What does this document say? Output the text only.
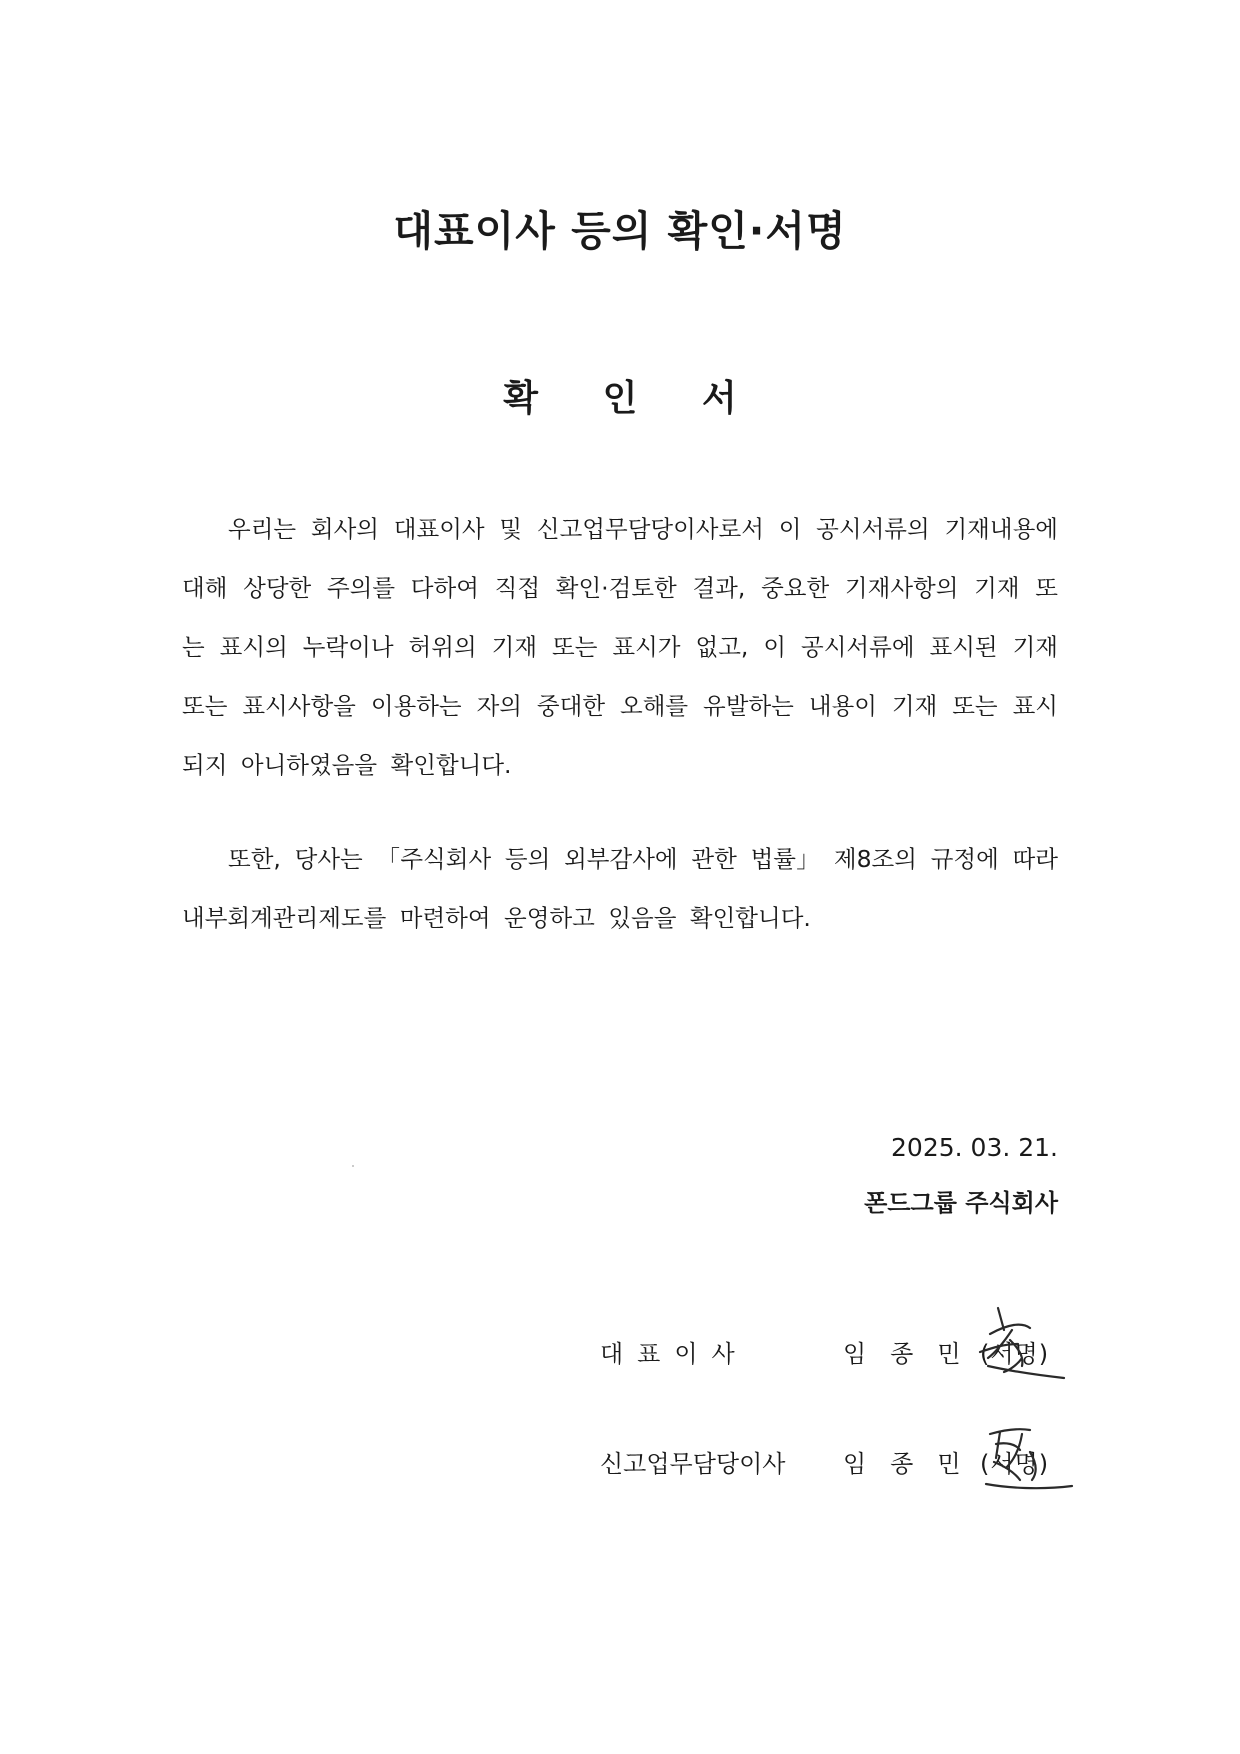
대표이사 등의 확인·서명
확 인 서
우리는 회사의 대표이사 및 신고업무담당이사로서 이 공시서류의 기재내용에 대해 상당한 주의를 다하여 직접 확인·검토한 결과, 중요한 기재사항의 기재 또는 표시의 누락이나 허위의 기재 또는 표시가 없고, 이 공시서류에 표시된 기재 또는 표시사항을 이용하는 자의 중대한 오해를 유발하는 내용이 기재 또는 표시되지 아니하였음을 확인합니다.
또한, 당사는 「주식회사 등의 외부감사에 관한 법률」 제8조의 규정에 따라 내부회계관리제도를 마련하여 운영하고 있음을 확인합니다.
2025. 03. 21.
폰드그룹 주식회사
대표이사	임종민
(서명)
신고업무담당이사 임종민
(서명)
